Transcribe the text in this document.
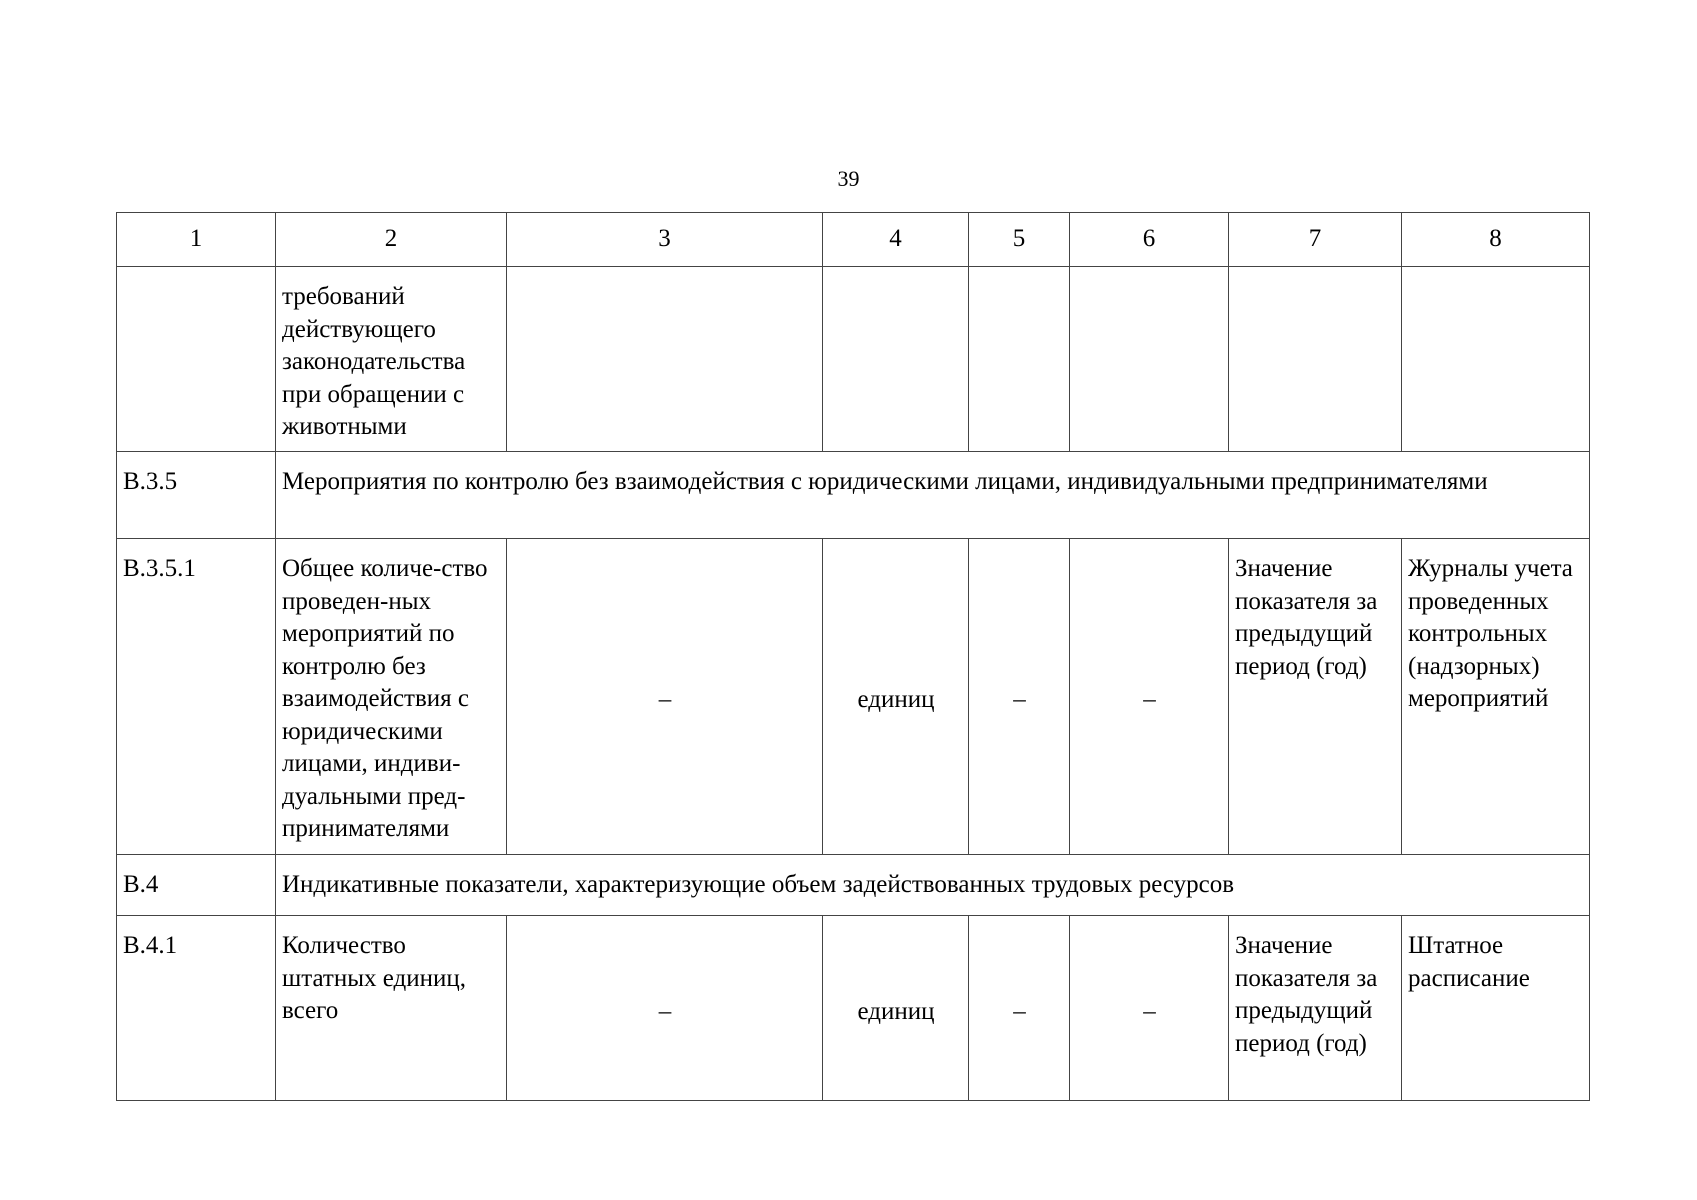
39
1	2	3	4	5	6	7	8
	требований действующего законодательства при обращении с животными						
В.3.5	Мероприятия по контролю без взаимодействия с юридическими лицами, индивидуальными предпринимателями						
В.3.5.1	Общее количе-ство проведен-ных мероприятий по контролю без взаимодействия с юридическими лицами, индиви-дуальными пред-принимателями	–	единиц	–	–	Значение показателя за предыдущий период (год)	Журналы учета проведенных контрольных (надзорных) мероприятий
В.4	Индикативные показатели, характеризующие объем задействованных трудовых ресурсов						
В.4.1	Количество штатных единиц, всего	–	единиц	–	–	Значение показателя за предыдущий период (год)	Штатное расписание
